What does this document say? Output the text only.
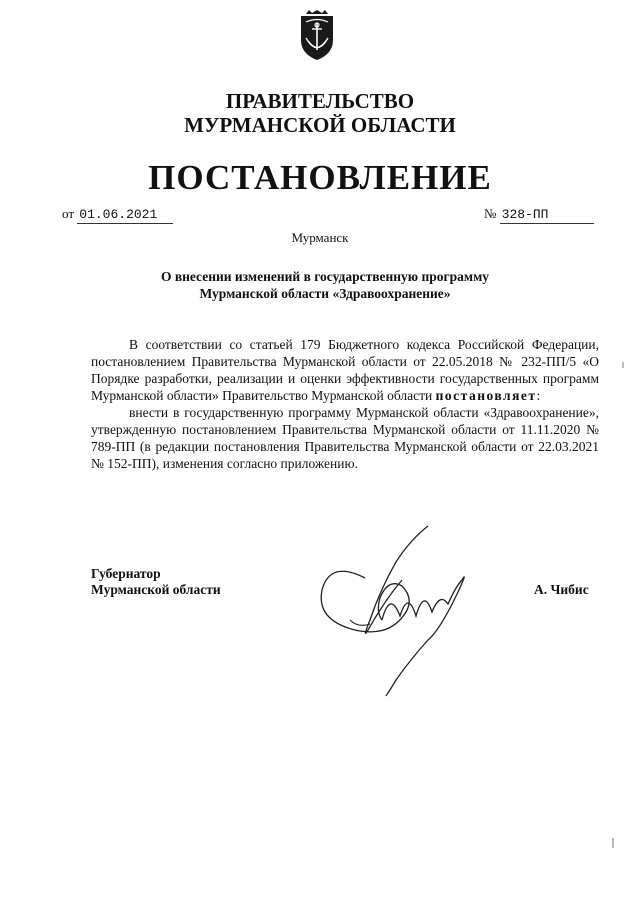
ПРАВИТЕЛЬСТВО
МУРМАНСКОЙ ОБЛАСТИ
ПОСТАНОВЛЕНИЕ
от 01.06.2021	№ 328-ПП
Мурманск
О внесении изменений в государственную программу
Мурманской области «Здравоохранение»

В соответствии со статьей 179 Бюджетного кодекса Российской Федерации, постановлением Правительства Мурманской области от 22.05.2018 № 232-ПП/5 «О Порядке разработки, реализации и оценки эффективности государственных программ Мурманской области» Правительство Мурманской области постановляет:

внести в государственную программу Мурманской области «Здравоохранение», утвержденную постановлением Правительства Мурманской области от 11.11.2020 № 789-ПП (в редакции постановления Правительства Мурманской области от 22.03.2021 № 152-ПП), изменения согласно приложению.

Губернатор
Мурманской области	А. Чибис
